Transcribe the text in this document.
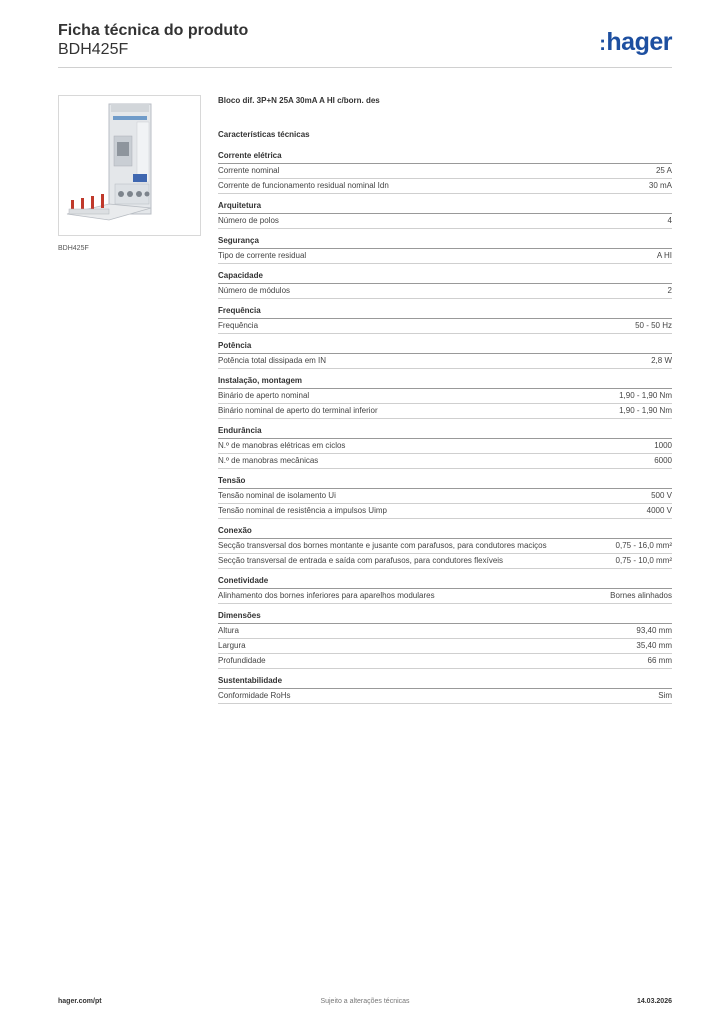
Ficha técnica do produto
BDH425F	:hager
BDH425F
Bloco dif. 3P+N 25A 30mA A HI c/born. des
Características técnicas
Corrente elétrica
Corrente nominal	25 A
Corrente de funcionamento residual nominal Idn	30 mA
Arquitetura
Número de polos	4
Segurança
Tipo de corrente residual	A HI
Capacidade
Número de módulos	2
Frequência
Frequência	50 - 50 Hz
Potência
Potência total dissipada em IN	2,8 W
Instalação, montagem
Binário de aperto nominal	1,90 - 1,90 Nm
Binário nominal de aperto do terminal inferior	1,90 - 1,90 Nm
Endurância
N.º de manobras elétricas em ciclos	1000
N.º de manobras mecânicas	6000
Tensão
Tensão nominal de isolamento Ui	500 V
Tensão nominal de resistência a impulsos Uimp	4000 V
Conexão
Secção transversal dos bornes montante e jusante com parafusos, para condutores maciços	0,75 - 16,0 mm²
Secção transversal de entrada e saída com parafusos, para condutores flexíveis	0,75 - 10,0 mm²
Conetividade
Alinhamento dos bornes inferiores para aparelhos modulares	Bornes alinhados
Dimensões
Altura	93,40 mm
Largura	35,40 mm
Profundidade	66 mm
Sustentabilidade
Conformidade RoHs	Sim
Sujeito a alterações técnicas
hager.com/pt	14.03.2026
